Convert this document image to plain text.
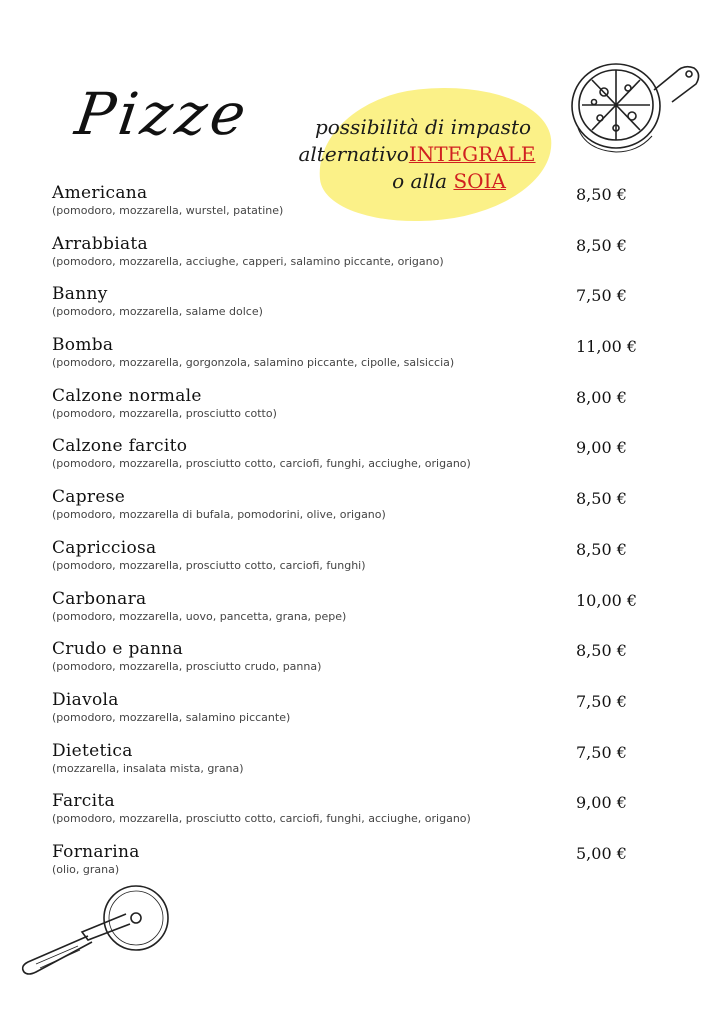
Pizze	possibilità di impasto
alternativoINTEGRALE
o alla SOIA
Americana
(pomodoro, mozzarella, wurstel, patatine)
8,50 €
Arrabbiata
(pomodoro, mozzarella, acciughe, capperi, salamino piccante, origano)
8,50 €
Banny
(pomodoro, mozzarella, salame dolce)
7,50 €
Bomba
(pomodoro, mozzarella, gorgonzola, salamino piccante, cipolle, salsiccia)
11,00 €
Calzone normale
(pomodoro, mozzarella, prosciutto cotto)
8,00 €
Calzone farcito
(pomodoro, mozzarella, prosciutto cotto, carciofi, funghi, acciughe, origano)
9,00 €
Caprese
(pomodoro, mozzarella di bufala, pomodorini, olive, origano)
8,50 €
Capricciosa
(pomodoro, mozzarella, prosciutto cotto, carciofi, funghi)
8,50 €
Carbonara
(pomodoro, mozzarella, uovo, pancetta, grana, pepe)
10,00 €
Crudo e panna
(pomodoro, mozzarella, prosciutto crudo, panna)
8,50 €
Diavola
(pomodoro, mozzarella, salamino piccante)
7,50 €
Dietetica
(mozzarella, insalata mista, grana)
7,50 €
Farcita
(pomodoro, mozzarella, prosciutto cotto, carciofi, funghi, acciughe, origano)
9,00 €
Fornarina
(olio, grana)
5,00 €
